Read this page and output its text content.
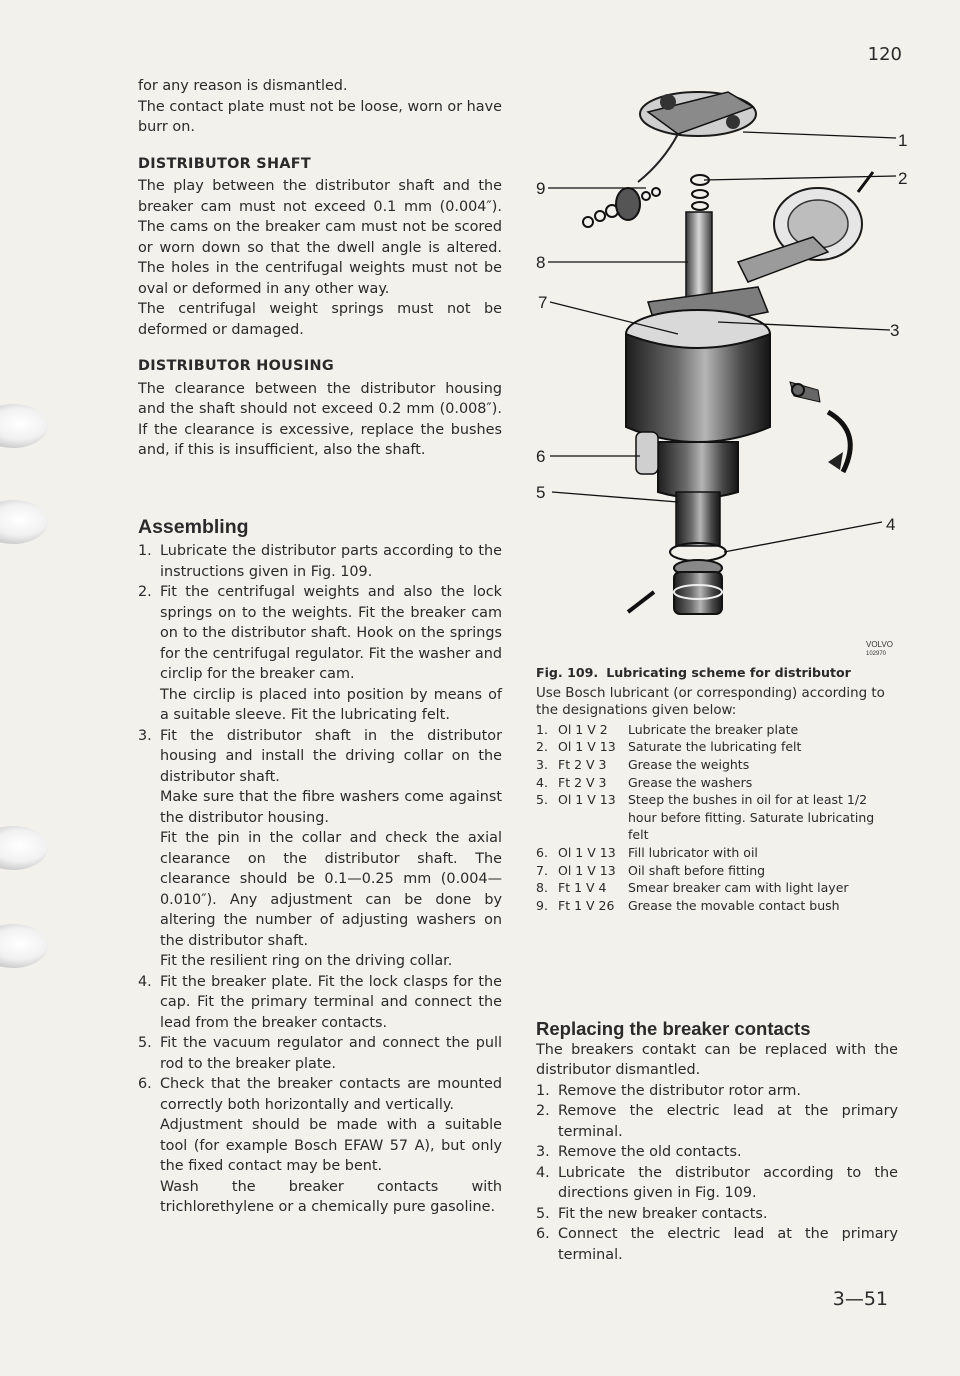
120

for any reason is dismantled.

The contact plate must not be loose, worn or have burr on.

DISTRIBUTOR SHAFT

The play between the distributor shaft and the breaker cam must not exceed 0.1 mm (0.004″). The cams on the breaker cam must not be scored or worn down so that the dwell angle is altered. The holes in the centrifugal weights must not be oval or deformed in any other way.

The centrifugal weight springs must not be deformed or damaged.

DISTRIBUTOR HOUSING

The clearance between the distributor housing and the shaft should not exceed 0.2 mm (0.008″). If the clearance is excessive, replace the bushes and, if this is insufficient, also the shaft.

Assembling
1. Lubricate the distributor parts according to the instructions given in Fig. 109.

2. Fit the centrifugal weights and also the lock springs on to the weights. Fit the breaker cam on to the distributor shaft. Hook on the springs for the centrifugal regulator. Fit the washer and circlip for the breaker cam.

The circlip is placed into position by means of a suitable sleeve. Fit the lubricating felt.

3. Fit the distributor shaft in the distributor housing and install the driving collar on the distributor shaft.

Make sure that the fibre washers come against the distributor housing.

Fit the pin in the collar and check the axial clearance on the distributor shaft. The clearance should be 0.1—0.25 mm (0.004—0.010″). Any adjustment can be done by altering the number of adjusting washers on the distributor shaft.

Fit the resilient ring on the driving collar.

4. Fit the breaker plate. Fit the lock clasps for the cap. Fit the primary terminal and connect the lead from the breaker contacts.

5. Fit the vacuum regulator and connect the pull rod to the breaker plate.

6. Check that the breaker contacts are mounted correctly both horizontally and vertically.

Adjustment should be made with a suitable tool (for example Bosch EFAW 57 A), but only the fixed contact may be bent.

Wash the breaker contacts with trichlorethylene or a chemically pure gasoline.

1
2
3
4
5
6
7
8
9
VOLVO
102970
Fig. 109. Lubricating scheme for distributor

Use Bosch lubricant (or corresponding) according to the designations given below:

1.	Ol 1 V 2	Lubricate the breaker plate
2.	Ol 1 V 13	Saturate the lubricating felt
3.	Ft 2 V 3	Grease the weights
4.	Ft 2 V 3	Grease the washers
5.	Ol 1 V 13	Steep the bushes in oil for at least 1/2 hour before fitting. Saturate lubricating felt
6.	Ol 1 V 13	Fill lubricator with oil
7.	Ol 1 V 13	Oil shaft before fitting
8.	Ft 1 V 4	Smear breaker cam with light layer
9.	Ft 1 V 26	Grease the movable contact bush
Replacing the breaker contacts

The breakers contakt can be replaced with the distributor dismantled.

1. Remove the distributor rotor arm.
2. Remove the electric lead at the primary terminal.
3. Remove the old contacts.
4. Lubricate the distributor according to the directions given in Fig. 109.
5. Fit the new breaker contacts.
6. Connect the electric lead at the primary terminal.
3—51
